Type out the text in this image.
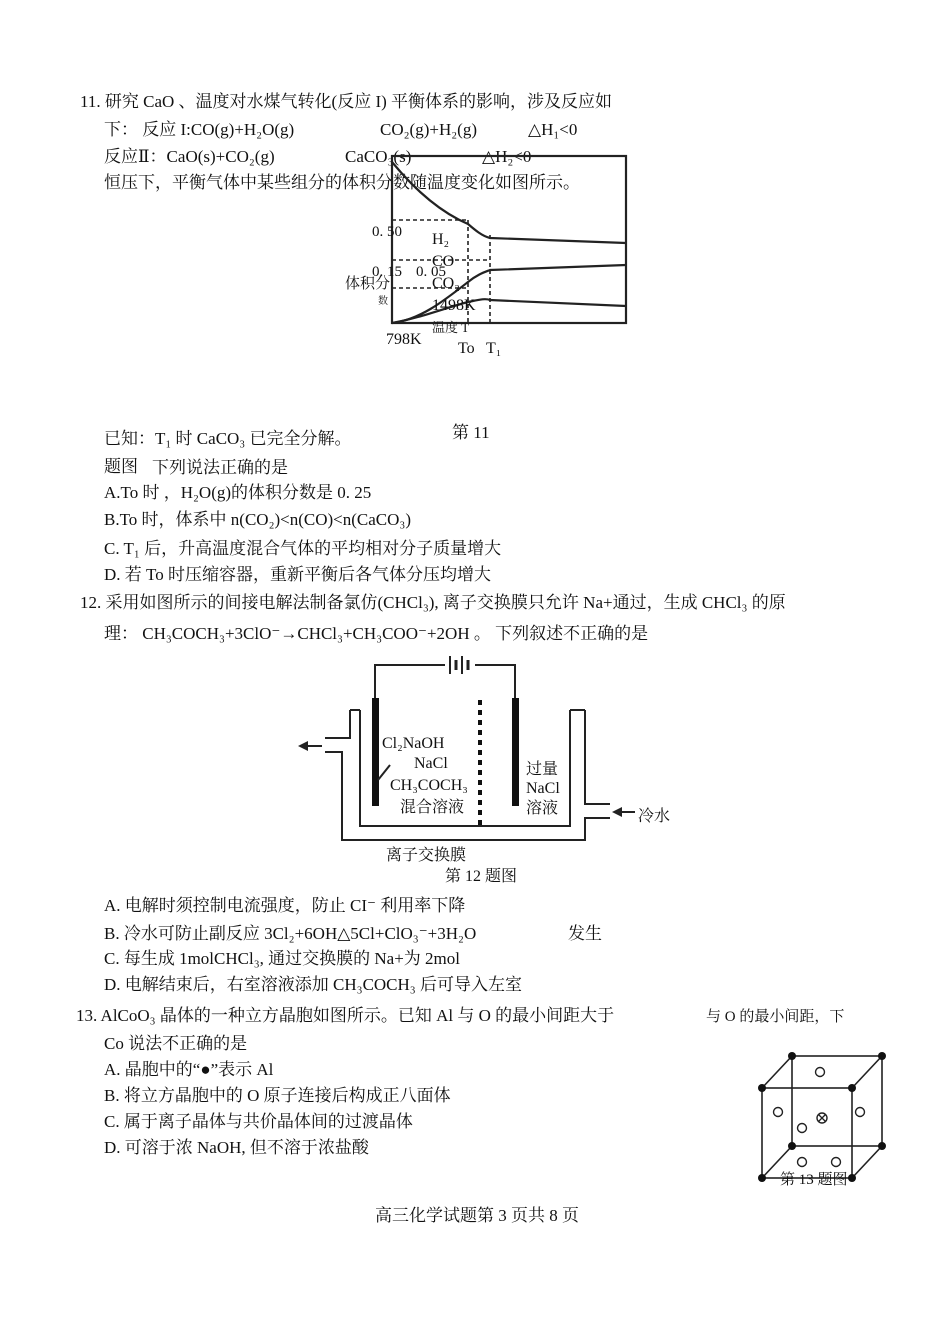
11. 研究 CaO 、温度对水煤气转化(反应 I) 平衡体系的影响，涉及反应如
下： 反应 I:CO(g)+H₂O(g)	CO₂(g)+H₂(g)	△H₁<0
反应Ⅱ：CaO(s)+CO₂(g)	CaCO₃(s)	△H₂<0
恒压下，平衡气体中某些组分的体积分数随温度变化如图所示。
0. 50
0. 15 0. 05
体积分
数
H₂
CO
CO₂
1498K
温度 T
798K
To T₁
已知：T₁ 时 CaCO₃ 已完全分解。	第 11
题图 下列说法正确的是
A.To 时 ，H₂O(g)的体积分数是 0. 25
B.To 时，体系中 n(CO₂)<n(CO)<n(CaCO₃)
C. T₁ 后，升高温度混合气体的平均相对分子质量增大
D. 若 To 时压缩容器，重新平衡后各气体分压均增大
12. 采用如图所示的间接电解法制备氯仿(CHCl₃), 离子交换膜只允许 Na+通过，生成 CHCl₃ 的原
理： CH₃COCH₃+3ClO⁻→CHCl₃+CH₃COO⁻+2OH 。 下列叙述不正确的是
Cl₂NaOH
NaCl
CH₃COCH₃
混合溶液
过量
NaCl
溶液	冷水
离子交换膜
第 12 题图
A. 电解时须控制电流强度，防止 CI⁻ 利用率下降
B. 冷水可防止副反应 3Cl₂+6OH△5Cl+ClO₃⁻+3H₂O	发生
C. 每生成 1molCHCl₃, 通过交换膜的 Na+为 2mol
D. 电解结束后，右室溶液添加 CH₃COCH₃ 后可导入左室
13. AlCoO₃ 晶体的一种立方晶胞如图所示。已知 Al 与 O 的最小间距大于	与 O 的最小间距，下
Co 说法不正确的是
A. 晶胞中的“●”表示 Al
B. 将立方晶胞中的 O 原子连接后构成正八面体
C. 属于离子晶体与共价晶体间的过渡晶体
D. 可溶于浓 NaOH, 但不溶于浓盐酸
第 13 题图
高三化学试题第 3 页共 8 页
